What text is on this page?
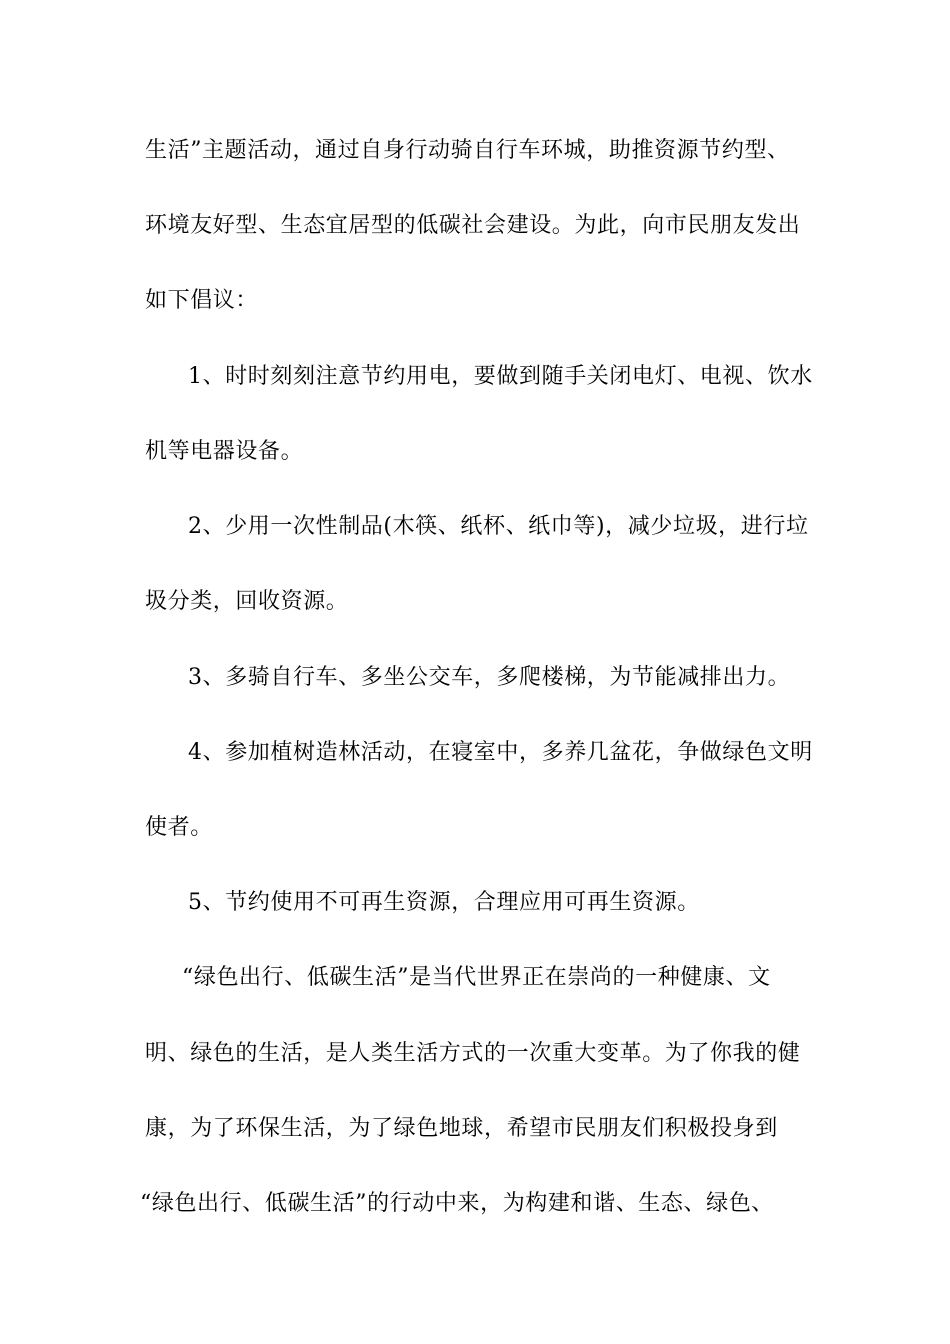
生活”主题活动，通过自身行动骑自行车环城，助推资源节约型、
环境友好型、生态宜居型的低碳社会建设。为此，向市民朋友发出
如下倡议：
1、时时刻刻注意节约用电，要做到随手关闭电灯、电视、饮水
机等电器设备。
2、少用一次性制品(木筷、纸杯、纸巾等)，减少垃圾，进行垃
圾分类，回收资源。
3、多骑自行车、多坐公交车，多爬楼梯，为节能减排出力。
4、参加植树造林活动，在寝室中，多养几盆花，争做绿色文明
使者。
5、节约使用不可再生资源，合理应用可再生资源。
“绿色出行、低碳生活”是当代世界正在崇尚的一种健康、文
明、绿色的生活，是人类生活方式的一次重大变革。为了你我的健
康，为了环保生活，为了绿色地球，希望市民朋友们积极投身到
“绿色出行、低碳生活”的行动中来，为构建和谐、生态、绿色、
